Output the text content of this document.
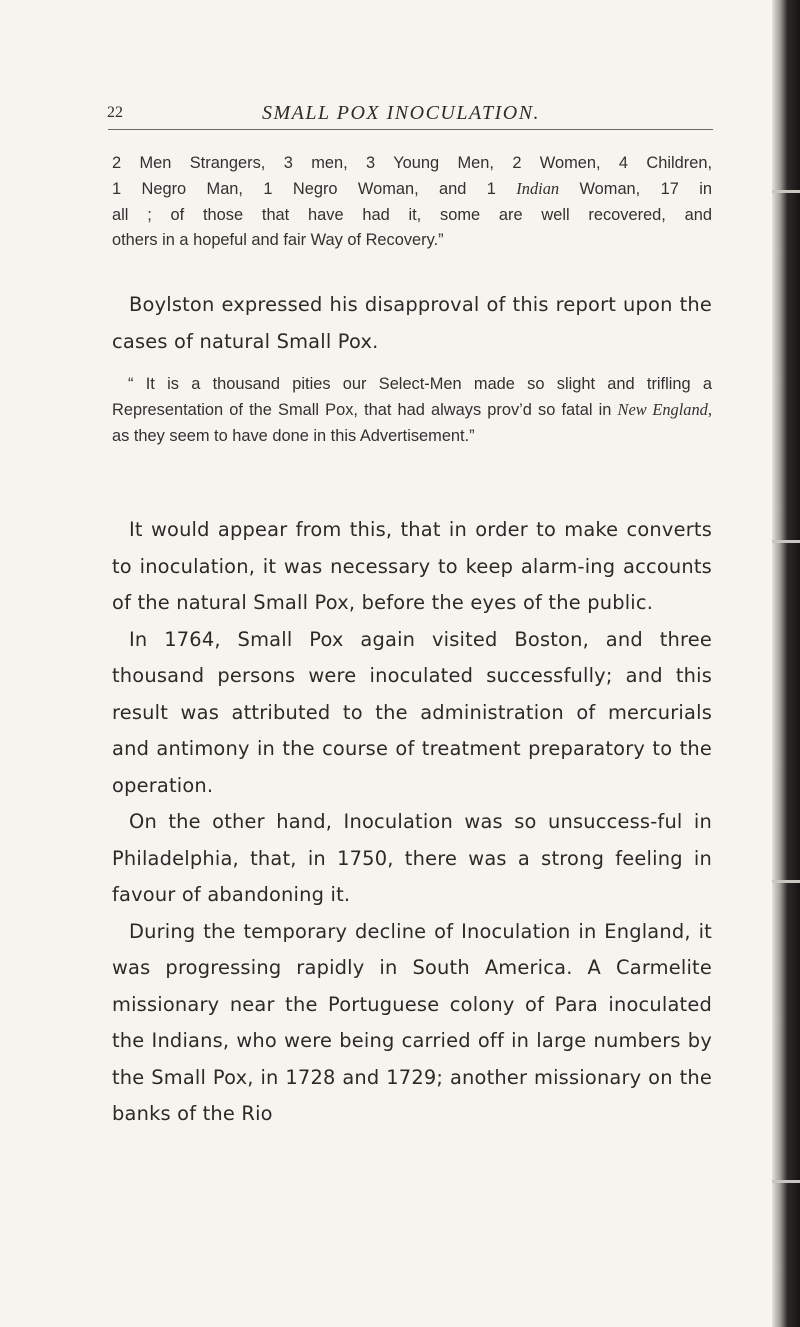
22	SMALL POX INOCULATION.

2 Men Strangers, 3 men, 3 Young Men, 2 Women, 4 Children,

1 Negro Man, 1 Negro Woman, and 1 Indian Woman, 17 in

all ; of those that have had it, some are well recovered, and

others in a hopeful and fair Way of Recovery.”

Boylston expressed his disapproval of this report upon the cases of natural Small Pox.

“ It is a thousand pities our Select-Men made so slight and trifling a Representation of the Small Pox, that had always prov’d so fatal in New England, as they seem to have done in this Advertisement.”

It would appear from this, that in order to make converts to inoculation, it was necessary to keep alarm-ing accounts of the natural Small Pox, before the eyes of the public.

In 1764, Small Pox again visited Boston, and three thousand persons were inoculated successfully; and this result was attributed to the administration of mercurials and antimony in the course of treatment preparatory to the operation.

On the other hand, Inoculation was so unsuccess-ful in Philadelphia, that, in 1750, there was a strong feeling in favour of abandoning it.

During the temporary decline of Inoculation in England, it was progressing rapidly in South America. A Carmelite missionary near the Portuguese colony of Para inoculated the Indians, who were being carried off in large numbers by the Small Pox, in 1728 and 1729; another missionary on the banks of the Rio
